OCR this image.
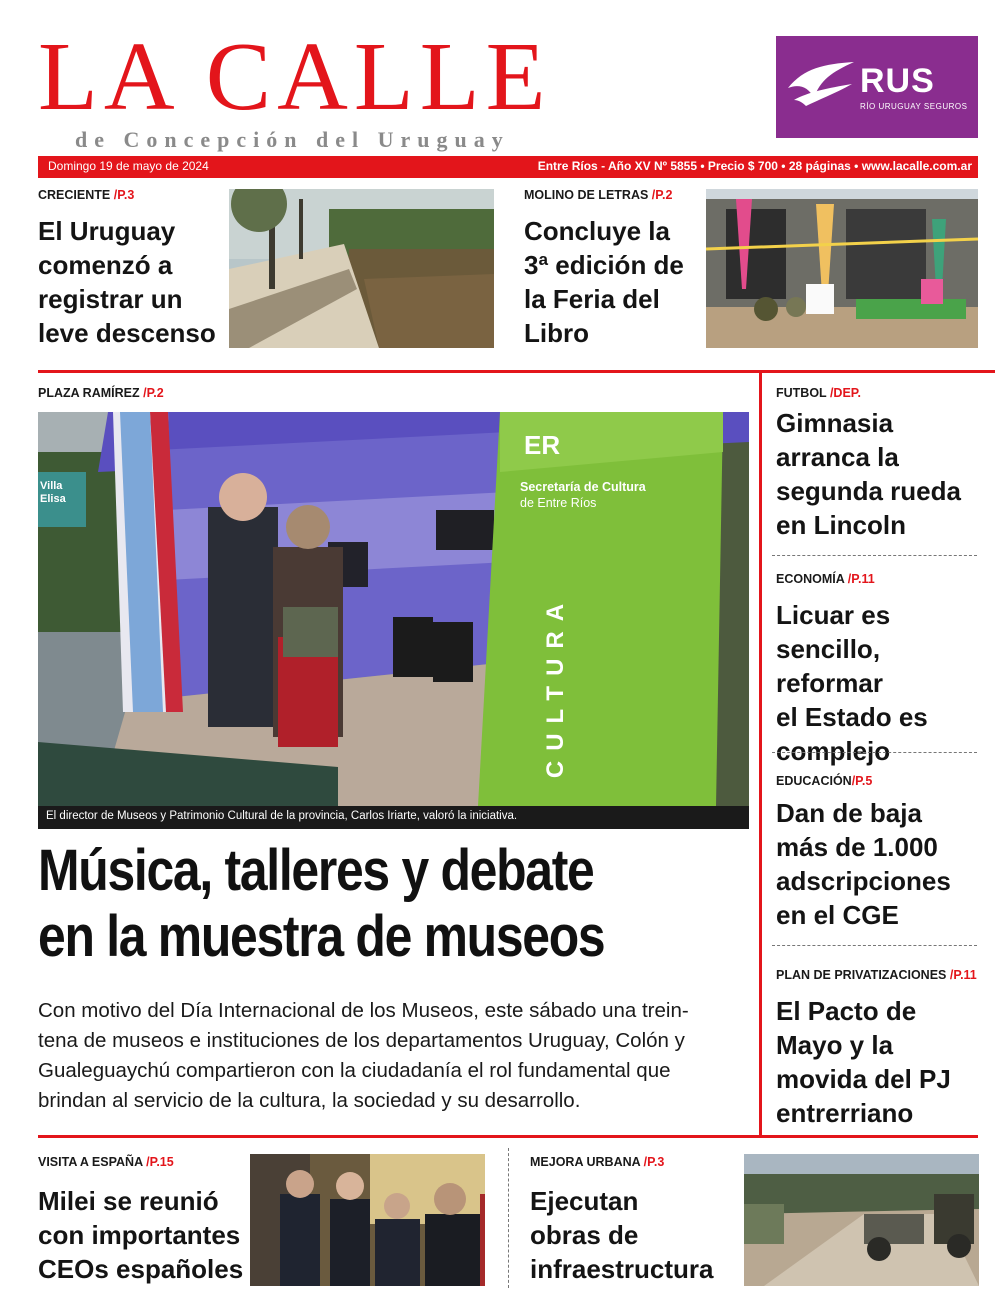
LA CALLE
de Concepción del Uruguay
RUS
RÍO URUGUAY SEGUROS
Domingo 19 de mayo de 2024	Entre Ríos - Año XV Nº 5855 • Precio $ 700 • 28 páginas • www.lacalle.com.ar
CRECIENTE /P.3
El Uruguay
comenzó a
registrar un
leve descenso
MOLINO DE LETRAS /P.2
Concluye la
3ª edición de
la Feria del
Libro
PLAZA RAMÍREZ /P.2
ER
Secretaría de Cultura
de Entre Ríos
CULTURA
Villa Elisa
El director de Museos y Patrimonio Cultural de la provincia, Carlos Iriarte, valoró la iniciativa.
Música, talleres y debate
en la muestra de museos
Con motivo del Día Internacional de los Museos, este sábado una trein-
tena de museos e instituciones de los departamentos Uruguay, Colón y
Gualeguaychú compartieron con la ciudadanía el rol fundamental que
brindan al servicio de la cultura, la sociedad y su desarrollo.
FUTBOL /DEP.
Gimnasia
arranca la
segunda rueda
en Lincoln
ECONOMÍA /P.11
Licuar es
sencillo, reformar
el Estado es
complejo
EDUCACIÓN/P.5
Dan de baja
más de 1.000
adscripciones
en el CGE
PLAN DE PRIVATIZACIONES /P.11
El Pacto de
Mayo y la
movida del PJ
entrerriano
VISITA A ESPAÑA /P.15
Milei se reunió
con importantes
CEOs españoles
MEJORA URBANA /P.3
Ejecutan
obras de
infraestructura
